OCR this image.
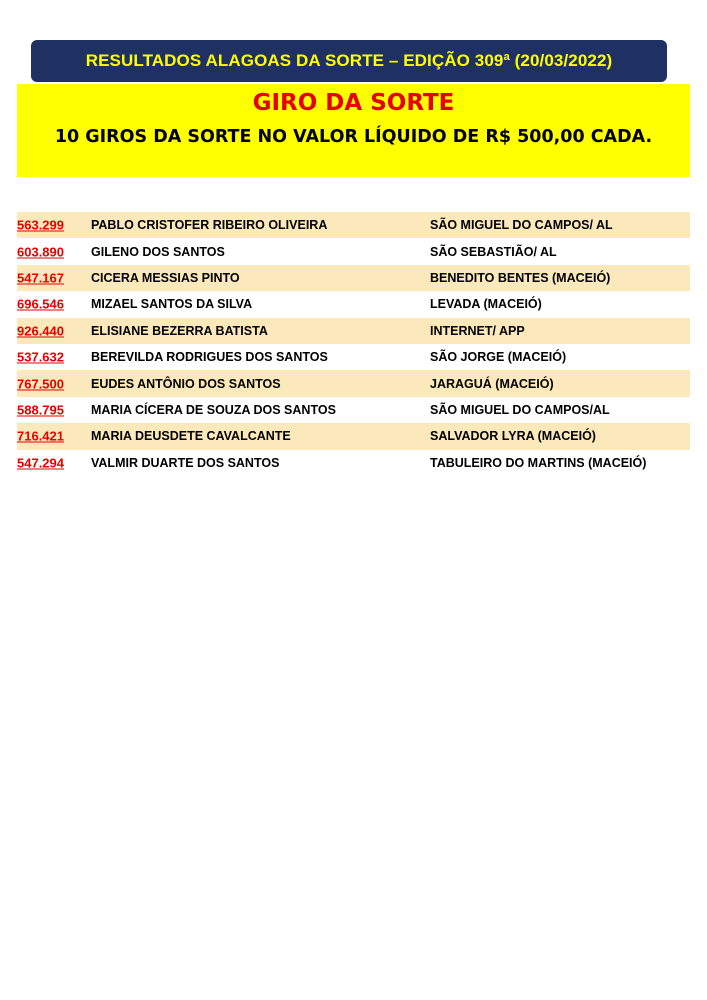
RESULTADOS ALAGOAS DA SORTE – EDIÇÃO 309ª (20/03/2022)
GIRO DA SORTE
10 GIROS DA SORTE NO VALOR LÍQUIDO DE R$ 500,00 CADA.
563.299 PABLO CRISTOFER RIBEIRO OLIVEIRA	SÃO MIGUEL DO CAMPOS/ AL
603.890 GILENO DOS SANTOS	SÃO SEBASTIÃO/ AL
547.167 CICERA MESSIAS PINTO	BENEDITO BENTES (MACEIÓ)
696.546 MIZAEL SANTOS DA SILVA	LEVADA (MACEIÓ)
926.440 ELISIANE BEZERRA BATISTA	INTERNET/ APP
537.632 BEREVILDA RODRIGUES DOS SANTOS	SÃO JORGE (MACEIÓ)
767.500 EUDES ANTÔNIO DOS SANTOS	JARAGUÁ (MACEIÓ)
588.795 MARIA CÍCERA DE SOUZA DOS SANTOS	SÃO MIGUEL DO CAMPOS/AL
716.421 MARIA DEUSDETE CAVALCANTE	SALVADOR LYRA (MACEIÓ)
547.294 VALMIR DUARTE DOS SANTOS	TABULEIRO DO MARTINS (MACEIÓ)
